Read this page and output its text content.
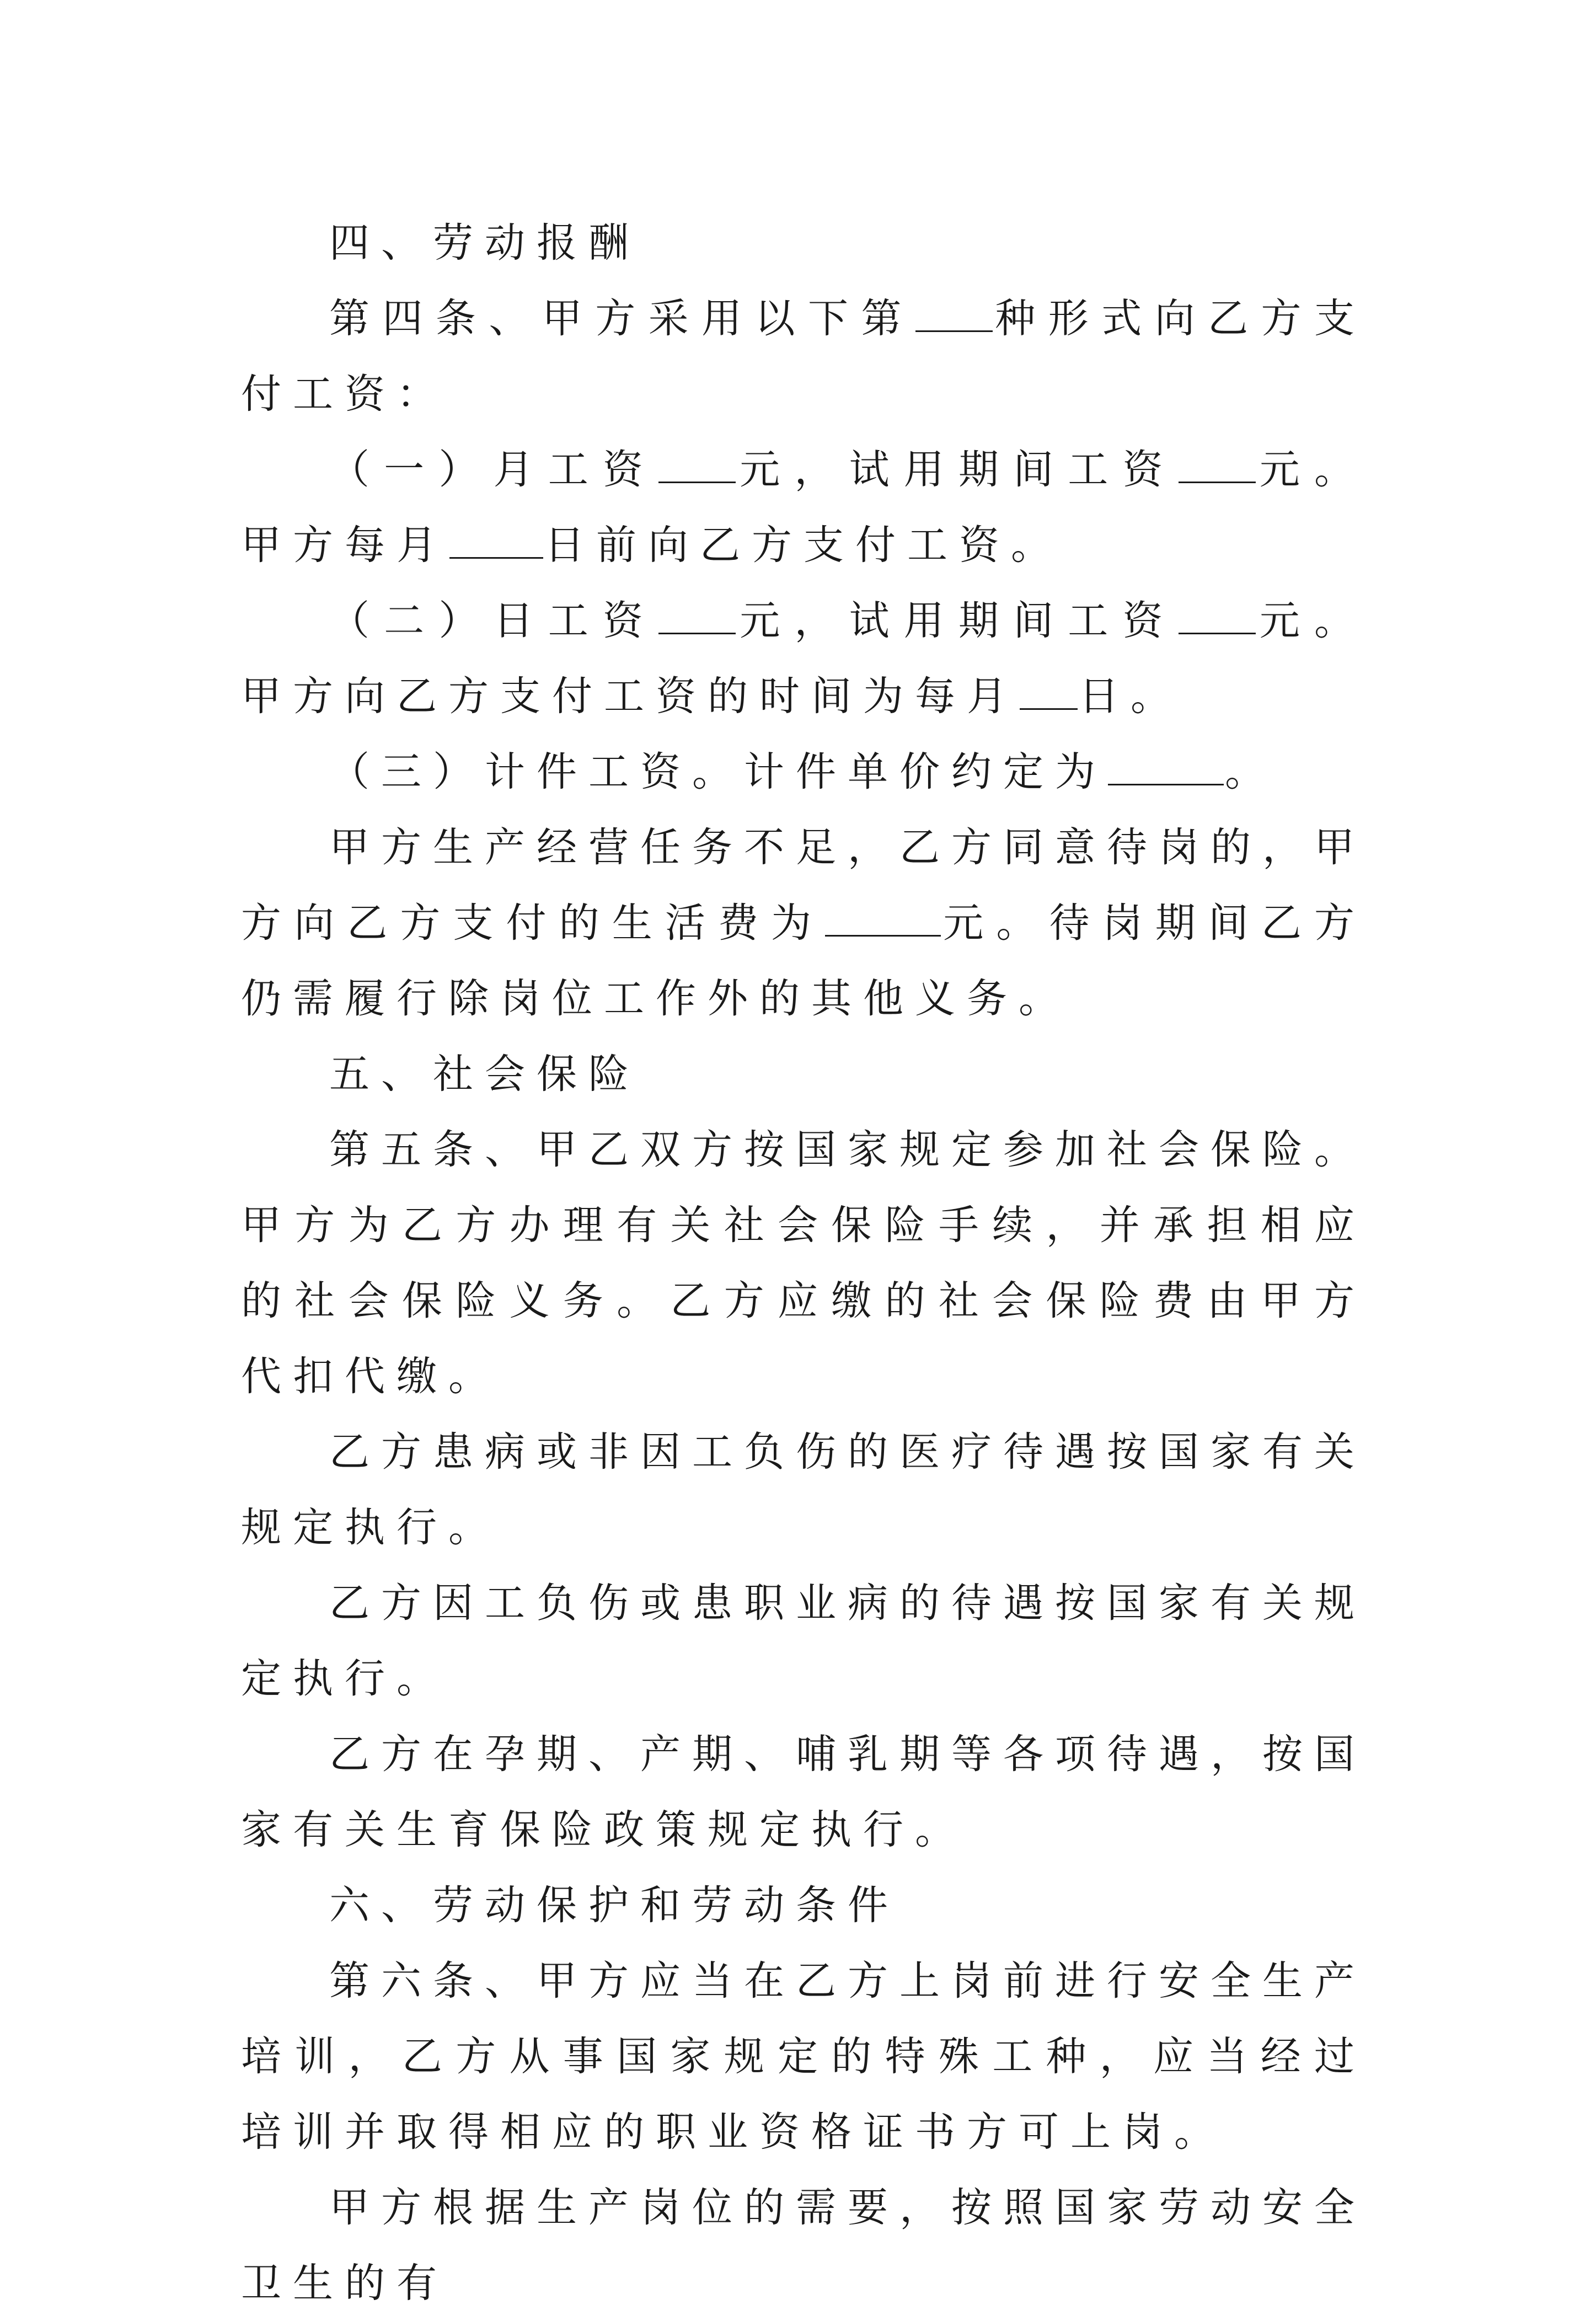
四、劳动报酬

第四条、甲方采用以下第 种形式向乙方支付工资：

（一）月工资 元，试用期间工资 元。甲方每月 日前向乙方支付工资。

（二）日工资 元，试用期间工资 元。甲方向乙方支付工资的时间为每月 日。

（三）计件工资。计件单价约定为	。

甲方生产经营任务不足，乙方同意待岗的，甲方向乙方支付的生活费为	元。待岗期间乙方仍需履行除岗位工作外的其他义务。

五、社会保险

第五条、甲乙双方按国家规定参加社会保险。甲方为乙方办理有关社会保险手续，并承担相应的社会保险义务。乙方应缴的社会保险费由甲方代扣代缴。

乙方患病或非因工负伤的医疗待遇按国家有关规定执行。

乙方因工负伤或患职业病的待遇按国家有关规定执行。

乙方在孕期、产期、哺乳期等各项待遇，按国家有关生育保险政策规定执行。

六、劳动保护和劳动条件

第六条、甲方应当在乙方上岗前进行安全生产培训，乙方从事国家规定的特殊工种，应当经过培训并取得相应的职业资格证书方可上岗。

甲方根据生产岗位的需要，按照国家劳动安全卫生的有
